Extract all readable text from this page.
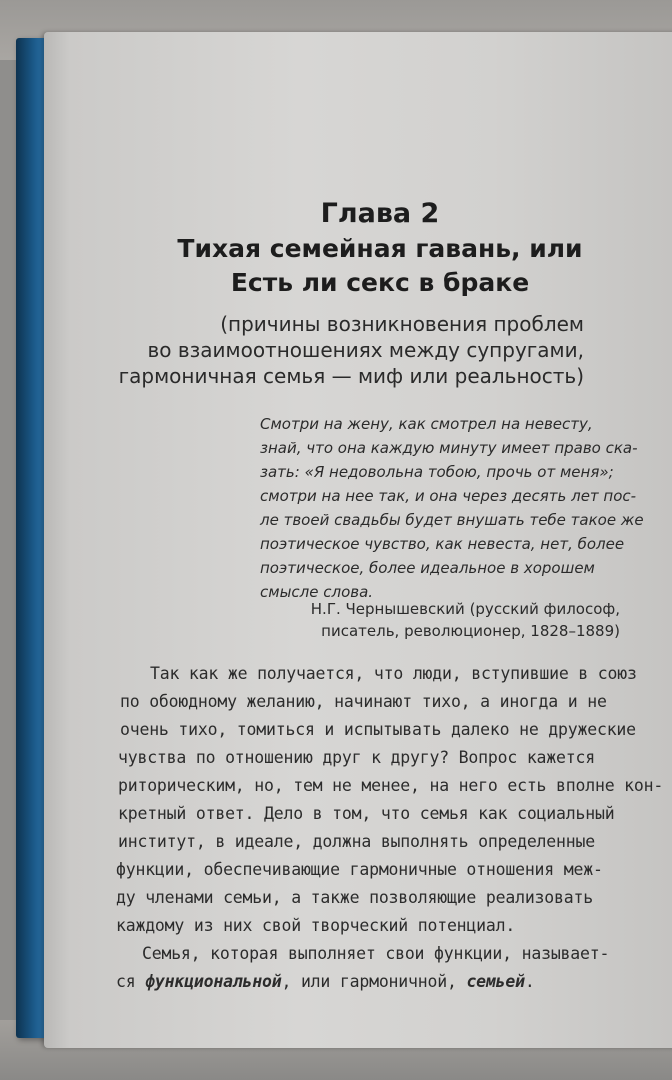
Глава 2
Тихая семейная гавань, или
Есть ли секс в браке
(причины возникновения проблем
во взаимоотношениях между супругами,
гармоничная семья — миф или реальность)
Смотри на жену, как смотрел на невесту,
знай, что она каждую минуту имеет право ска-
зать: «Я недовольна тобою, прочь от меня»;
смотри на нее так, и она через десять лет пос-
ле твоей свадьбы будет внушать тебе такое же
поэтическое чувство, как невеста, нет, более
поэтическое, более идеальное в хорошем
смысле слова.
Н.Г. Чернышевский (русский философ,
писатель, революционер, 1828–1889)
Так как же получается, что люди, вступившие в союз
по обоюдному желанию, начинают тихо, а иногда и не
очень тихо, томиться и испытывать далеко не дружеские
чувства по отношению друг к другу? Вопрос кажется
риторическим, но, тем не менее, на него есть вполне кон-
кретный ответ. Дело в том, что семья как социальный
институт, в идеале, должна выполнять определенные
функции, обеспечивающие гармоничные отношения меж-
ду членами семьи, а также позволяющие реализовать
каждому из них свой творческий потенциал.
Семья, которая выполняет свои функции, называет-
ся функциональной, или гармоничной, семьей.
